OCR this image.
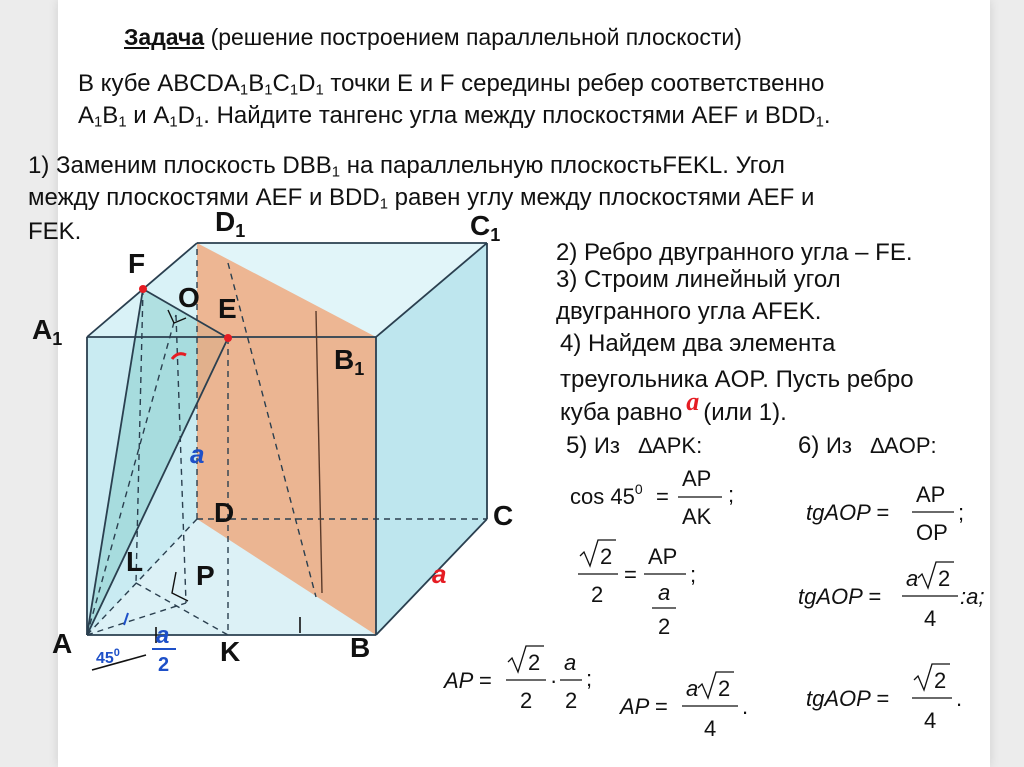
Задача (решение построением параллельной плоскости)
В кубе $ABCDA_1B_1C_1D_1$ точки E и F середины ребер соответственно
$A_1B_1$ и $A_1D_1$. Найдите тангенс угла между плоскостями AEF и $BDD_1$.
1) Заменим плоскость $DBB_1$ на параллельную плоскостьFEKL. Угол
между плоскостями AEF и $BDD_1$ равен углу между плоскостями AEF и
FEK.	$D_1$	$C_1$
$A_1$
$B_1$
F
O E
D	C
L P
A	K	B
a
a
a
2
$45^0$
2) Ребро двугранного угла – FE.
3) Строим линейный угол
двугранного угла AFEK.
4) Найдем два элемента
треугольника AOP. Пусть ребро
куба равно a (или 1).
5) Из ∆APK:	6) Из ∆AOP:
$\cos 45^0$ =
AP
AK
;
2
2
=
AP
a
2
;
AP =
2
2
·
a
2
;
AP =
a 2
4
.
tgAOP =
AP
OP
;
tgAOP =
a 2
4
:a;
tgAOP =
2
4
.
